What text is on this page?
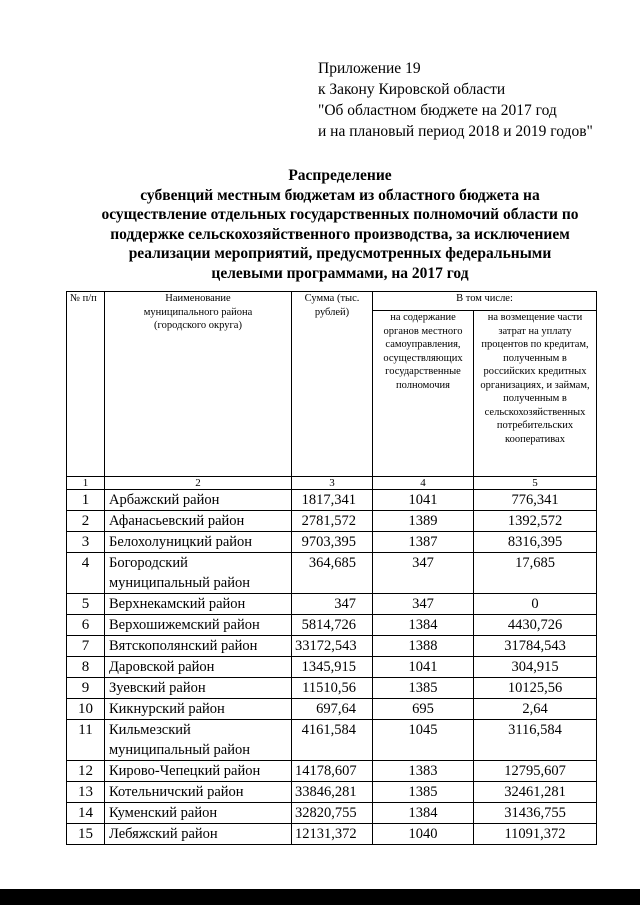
Приложение 19
к Закону Кировской области
"Об областном бюджете на 2017 год
и на плановый период 2018 и 2019 годов"
Распределение
субвенций местным бюджетам из областного бюджета на
осуществление отдельных государственных полномочий области по
поддержке сельскохозяйственного производства, за исключением
реализации мероприятий, предусмотренных федеральными
целевыми программами, на 2017 год
№ п/п	Наименование муниципального района (городского округа)	Сумма (тыс. рублей)	В том числе:	
			на содержание органов местного самоуправления, осуществляющих государственные полномочия	на возмещение части затрат на уплату процентов по кредитам, полученным в российских кредитных организациях, и займам, полученным в сельскохозяйственных потребительских кооперативах
1	2	3	4	5
1	Арбажский район	1817,341	1041	776,341
2	Афанасьевский район	2781,572	1389	1392,572
3	Белохолуницкий район	9703,395	1387	8316,395
4	Богородский муниципальный район	364,685	347	17,685
5	Верхнекамский район	347	347	0
6	Верхошижемский район	5814,726	1384	4430,726
7	Вятскополянский район	33172,543	1388	31784,543
8	Даровской район	1345,915	1041	304,915
9	Зуевский район	11510,56	1385	10125,56
10	Кикнурский район	697,64	695	2,64
11	Кильмезский муниципальный район	4161,584	1045	3116,584
12	Кирово-Чепецкий район	14178,607	1383	12795,607
13	Котельничский район	33846,281	1385	32461,281
14	Куменский район	32820,755	1384	31436,755
15	Лебяжский район	12131,372	1040	11091,372
